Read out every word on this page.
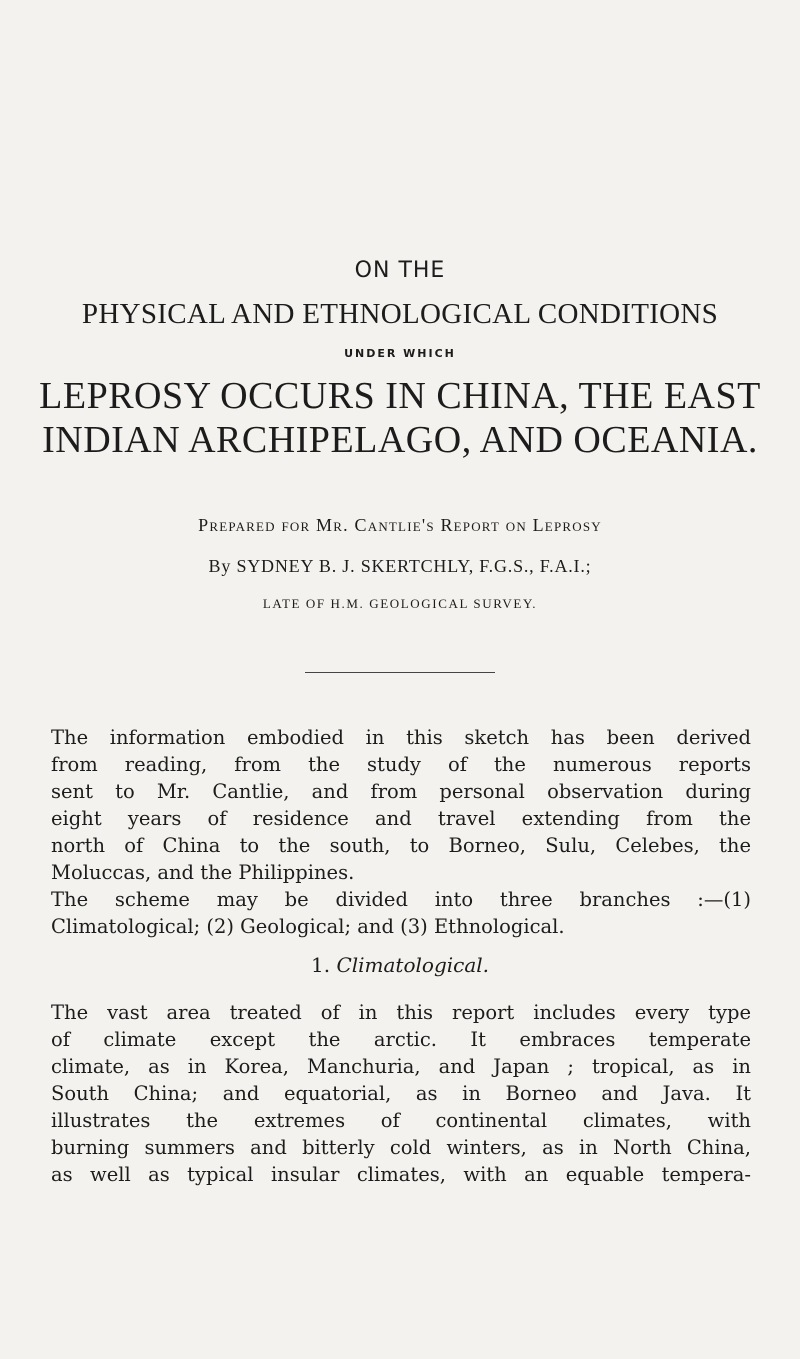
ON THE
PHYSICAL AND ETHNOLOGICAL CONDITIONS
UNDER WHICH
LEPROSY OCCURS IN CHINA, THE EAST
INDIAN ARCHIPELAGO, AND OCEANIA.
Prepared for Mr. Cantlie's Report on Leprosy
By SYDNEY B. J. SKERTCHLY, F.G.S., F.A.I.;
LATE OF H.M. GEOLOGICAL SURVEY.
The information embodied in this sketch has been derived
from reading, from the study of the numerous reports
sent to Mr. Cantlie, and from personal observation during
eight years of residence and travel extending from the
north of China to the south, to Borneo, Sulu, Celebes, the
Moluccas, and the Philippines.
The scheme may be divided into three branches :—(1)
Climatological; (2) Geological; and (3) Ethnological.
1. Climatological.
The vast area treated of in this report includes every type
of climate except the arctic. It embraces temperate
climate, as in Korea, Manchuria, and Japan ; tropical, as in
South China; and equatorial, as in Borneo and Java. It
illustrates the extremes of continental climates, with
burning summers and bitterly cold winters, as in North China,
as well as typical insular climates, with an equable tempera-
